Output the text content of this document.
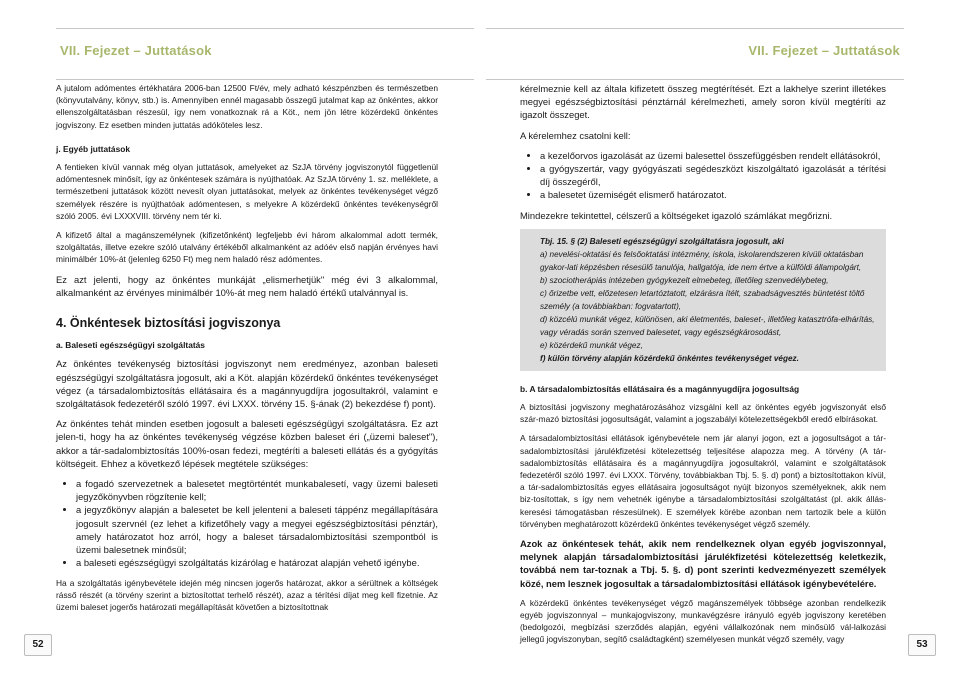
VII. Fejezet – Juttatások

A jutalom adómentes értékhatára 2006-ban 12500 Ft/év, mely adható készpénzben és természetben (könyvutalvány, könyv, stb.) is. Amennyiben ennél magasabb összegű jutalmat kap az önkéntes, akkor ellenszolgáltatásban részesül, így nem vonatkoznak rá a Köt., nem jön létre közérdekű önkéntes jogviszony. Ez esetben minden juttatás adóköteles lesz.

j. Egyéb juttatások

A fentieken kívül vannak még olyan juttatások, amelyeket az SzJA törvény jogviszonytól függetlenül adómentesnek minősít, így az önkéntesek számára is nyújthatóak. Az SzJA törvény 1. sz. melléklete, a természetbeni juttatások között nevesít olyan juttatásokat, melyek az önkéntes tevékenységet végző személyek részére is nyújthatóak adómentesen, s melyekre A közérdekű önkéntes tevékenységről szóló 2005. évi LXXXVIII. törvény nem tér ki.

A kifizető által a magánszemélynek (kifizetőnként) legfeljebb évi három alkalommal adott termék, szolgáltatás, illetve ezekre szóló utalvány értékéből alkalmanként az adóév első napján érvényes havi minimálbér 10%-át (jelenleg 6250 Ft) meg nem haladó rész adómentes.

Ez azt jelenti, hogy az önkéntes munkáját „elismerhetjük" még évi 3 alkalommal, alkalmanként az érvényes minimálbér 10%-át meg nem haladó értékű utalvánnyal is.

4. Önkéntesek biztosítási jogviszonya

a. Baleseti egészségügyi szolgáltatás

Az önkéntes tevékenység biztosítási jogviszonyt nem eredményez, azonban baleseti egészségügyi szolgáltatásra jogosult, aki a Köt. alapján közérdekű önkéntes tevékenységet végez (a társadalombiztosítás ellátásaira és a magánnyugdíjra jogosultakról, valamint e szolgáltatások fedezetéről szóló 1997. évi LXXX. törvény 15. §-ának (2) bekezdése f) pont).

Az önkéntes tehát minden esetben jogosult a baleseti egészségügyi szolgáltatásra. Ez azt jelen-ti, hogy ha az önkéntes tevékenység végzése közben baleset éri („üzemi baleset"), akkor a tár-sadalombiztosítás 100%-osan fedezi, megtéríti a baleseti ellátás és a gyógyítás költségeit. Ehhez a következő lépések megtétele szükséges:

• a fogadó szervezetnek a balesetet megtörténtét munkabalesetí, vagy üzemi baleseti jegyzőkönyvben rögzítenie kell;
• a jegyzőkönyv alapján a balesetet be kell jelenteni a baleseti táppénz megállapítására jogosult szervnél (ez lehet a kifizetőhely vagy a megyei egészségbiztosítási pénztár), amely határozatot hoz arról, hogy a baleset társadalombiztosítási szempontból is üzemi balesetnek minősül;
• a baleseti egészségügyi szolgáltatás kizárólag e határozat alapján vehető igénybe.

Ha a szolgáltatás igénybevétele idején még nincsen jogerős határozat, akkor a sérültnek a költségek rásső részét (a törvény szerint a biztosítottat terhelő részét), azaz a térítési díjat meg kell fizetnie. Az üzemi baleset jogerős határozati megállapítását követően a biztosítottnak

52
VII. Fejezet – Juttatások

kérelmeznie kell az általa kifizetett összeg megtérítését. Ezt a lakhelye szerint illetékes megyei egészségbiztosítási pénztárnál kérelmezheti, amely soron kívül megtéríti az igazolt összeget.

A kérelemhez csatolni kell:

• a kezelőorvos igazolását az üzemi balesettel összefüggésben rendelt ellátásokról,
• a gyógyszertár, vagy gyógyászati segédeszközt kiszolgáltató igazolását a térítési díj összegéről,
• a balesetet üzemiségét elismerő határozatot.

Mindezekre tekintettel, célszerű a költségeket igazoló számlákat megőrizni.

Tbj. 15. § (2) Baleseti egészségügyi szolgáltatásra jogosult, aki
a) nevelési-oktatási és felsőoktatási intézmény, iskola, iskolarendszeren kívüli oktatásban gyakor-lati képzésben résesülő tanulója, hallgatója, ide nem értve a külföldi állampolgárt,
b) szociotherápiás intézeben gyógykezelt elmebeteg, illetőleg szenvedélybeteg,
c) őrizetbe vett, előzetesen letartóztatott, elzárásra ítélt, szabadságvesztés büntetést töltő személy (a továbbiakban: fogvatartott),
d) közcélú munkát végez, különösen, aki életmentés, baleset-, illetőleg katasztrófa-elhárítás, vagy véradás során szenved balesetet, vagy egészségkárosodást,
e) közérdekű munkát végez,
f) külön törvény alapján közérdekű önkéntes tevékenységet végez.

b. A társadalombiztosítás ellátásaira és a magánnyugdíjra jogosultság

A biztosítási jogviszony meghatározásához vizsgálni kell az önkéntes egyéb jogviszonyát első szár-mazó biztosítási jogosultságát, valamint a jogszabályi kötelezettségekből eredő elbírásokat.

A társadalombiztosítási ellátások igénybevétele nem jár alanyi jogon, ezt a jogosultságot a tár-sadalombiztosítási járulékfizetési kötelezettség teljesítése alapozza meg. A törvény (A tár-sadalombiztosítás ellátásaira és a magánnyugdíjra jogosultakról, valamint e szolgáltatások fedezetéről szóló 1997. évi LXXX. Törvény, továbbiakban Tbj. 5. §. d) pont) a biztosítottakon kívül, a tár-sadalombiztosítás egyes ellátásaira jogosultságot nyújt bizonyos személyeknek, akik nem biz-tosítottak, s így nem vehetnék igénybe a társadalombiztosítási szolgáltatást (pl. akik állás-keresési támogatásban részesülnek). E személyek körébe azonban nem tartozik bele a külön törvényben meghatározott közérdekű önkéntes tevékenységet végző személy.

Azok az önkéntesek tehát, akik nem rendelkeznek olyan egyéb jogviszonnyal, melynek alapján társadalombiztosítási járulékfizetési kötelezettség keletkezik, továbbá nem tar-toznak a Tbj. 5. §. d) pont szerinti kedvezményezett személyek közé, nem lesznek jogosultak a társadalombiztosítási ellátások igénybevételére.

A közérdekű önkéntes tevékenységet végző magánszemélyek többsége azonban rendelkezik egyéb jogviszonnyal – munkajogviszony, munkavégzésre irányuló egyéb jogviszony keretében (bedolgozói, megbízási szerződés alapján, egyéni vállalkozónak nem minősülő vál-lalkozási jellegű jogviszonyban, segítő családtagként) személyesen munkát végző személy, vagy	53
